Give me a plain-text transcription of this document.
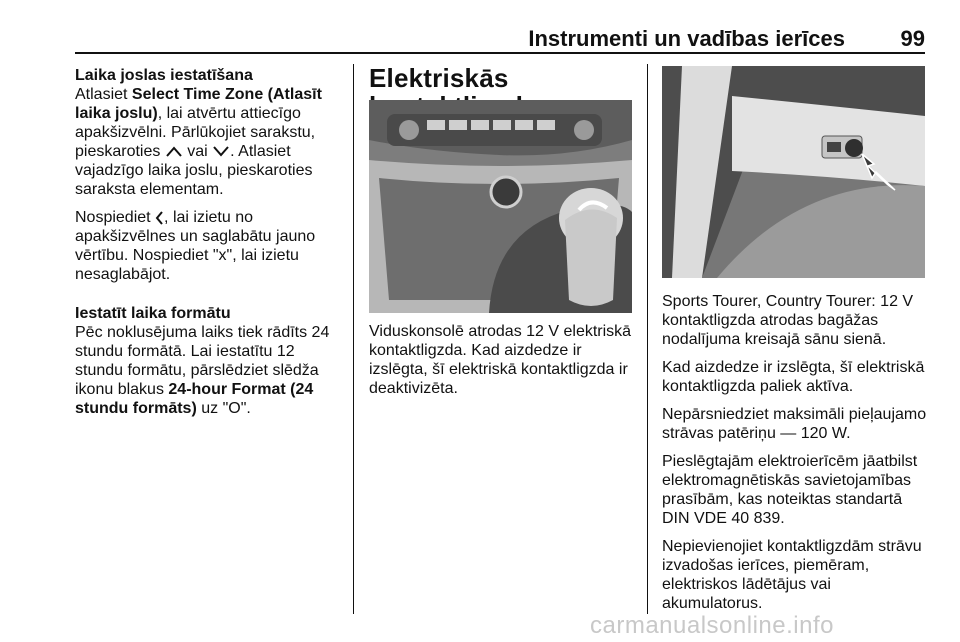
Instrumenti un vadības ierīces	99

Laika joslas iestatīšana
Atlasiet Select Time Zone (Atlasīt laika joslu), lai atvērtu attiecīgo apakšizvēlni. Pārlūkojiet sarakstu, pieskaroties  vai . Atlasiet vajadzīgo laika joslu, pieskaroties saraksta elementam.

Nospiediet , lai izietu no apakšizvēlnes un saglabātu jauno vērtību. Nospiediet "x", lai izietu nesaglabājot.

Iestatīt laika formātu
Pēc noklusējuma laiks tiek rādīts 24 stundu formātā. Lai iestatītu 12 stundu formātu, pārslēdziet slēdža ikonu blakus 24-hour Format (24 stundu formāts) uz "O".

Elektriskās

Viduskonsolē atrodas 12 V elektriskā kontaktligzda. Kad aizdedze ir izslēgta, šī elektriskā kontaktligzda ir deaktivizēta.

Sports Tourer, Country Tourer: 12 V kontaktligzda atrodas bagāžas nodalījuma kreisajā sānu sienā.

Kad aizdedze ir izslēgta, šī elektriskā kontaktligzda paliek aktīva.

Nepārsniedziet maksimāli pieļaujamo strāvas patēriņu — 120 W.

Pieslēgtajām elektroierīcēm jāatbilst elektromagnētiskās savietojamības prasībām, kas noteiktas standartā DIN VDE 40 839.

Nepievienojiet kontaktligzdām strāvu izvadošas ierīces, piemēram, elektriskos lādētājus vai akumulatorus.

carmanualsonline.info
